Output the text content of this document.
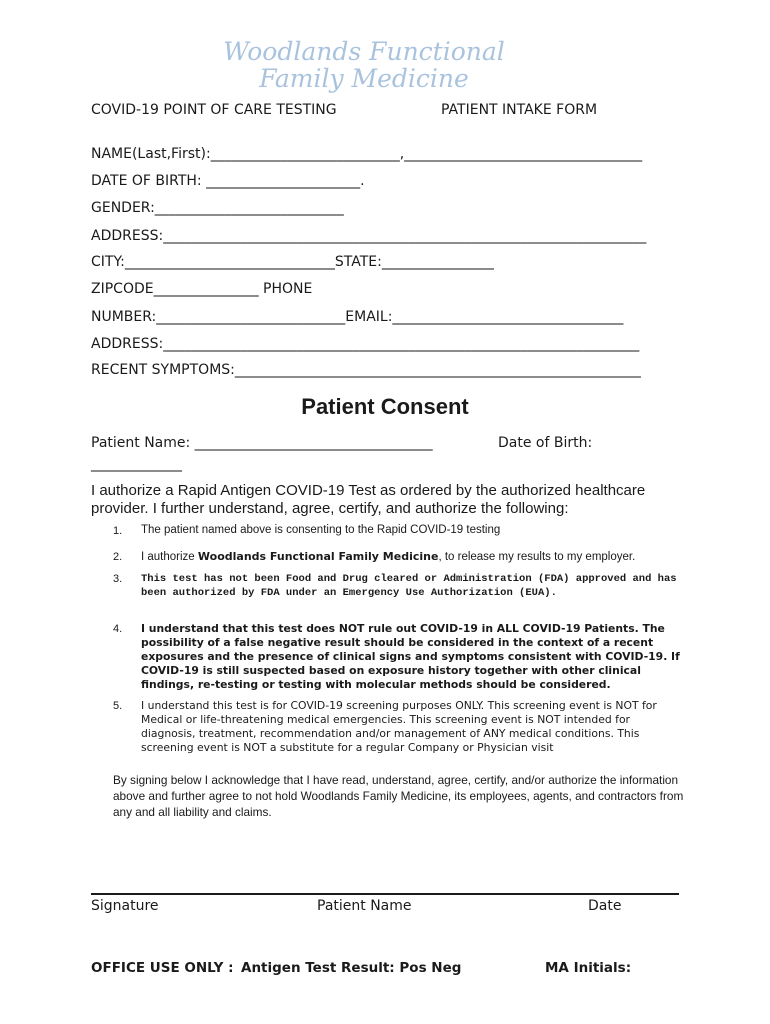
Woodlands Functional
Family Medicine
COVID-19 POINT OF CARE TESTING	PATIENT INTAKE FORM
NAME(Last,First):___________________________,__________________________________
DATE OF BIRTH: ______________________.
GENDER:___________________________
ADDRESS:_____________________________________________________________________
CITY:______________________________STATE:________________
ZIPCODE_______________ PHONE
NUMBER:___________________________EMAIL:_________________________________
ADDRESS:____________________________________________________________________
RECENT SYMPTOMS:__________________________________________________________
Patient Consent
Patient Name: __________________________________	Date of Birth:
_____________
I authorize a Rapid Antigen COVID-19 Test as ordered by the authorized healthcare provider. I further understand, agree, certify, and authorize the following:
1. The patient named above is consenting to the Rapid COVID-19 testing
2. I authorize Woodlands Functional Family Medicine, to release my results to my employer.
3. This test has not been Food and Drug cleared or Administration (FDA) approved and has been authorized by FDA under an Emergency Use Authorization (EUA).
4. I understand that this test does NOT rule out COVID-19 in ALL COVID-19 Patients. The possibility of a false negative result should be considered in the context of a recent exposures and the presence of clinical signs and symptoms consistent with COVID-19. If COVID-19 is still suspected based on exposure history together with other clinical findings, re-testing or testing with molecular methods should be considered.
5. I understand this test is for COVID-19 screening purposes ONLY. This screening event is NOT for Medical or life-threatening medical emergencies. This screening event is NOT intended for diagnosis, treatment, recommendation and/or management of ANY medical conditions. This screening event is NOT a substitute for a regular Company or Physician visit
By signing below I acknowledge that I have read, understand, agree, certify, and/or authorize the information above and further agree to not hold Woodlands Family Medicine, its employees, agents, and contractors from any and all liability and claims.
Signature	Patient Name	Date
OFFICE USE ONLY : Antigen Test Result: Pos Neg	MA Initials:
